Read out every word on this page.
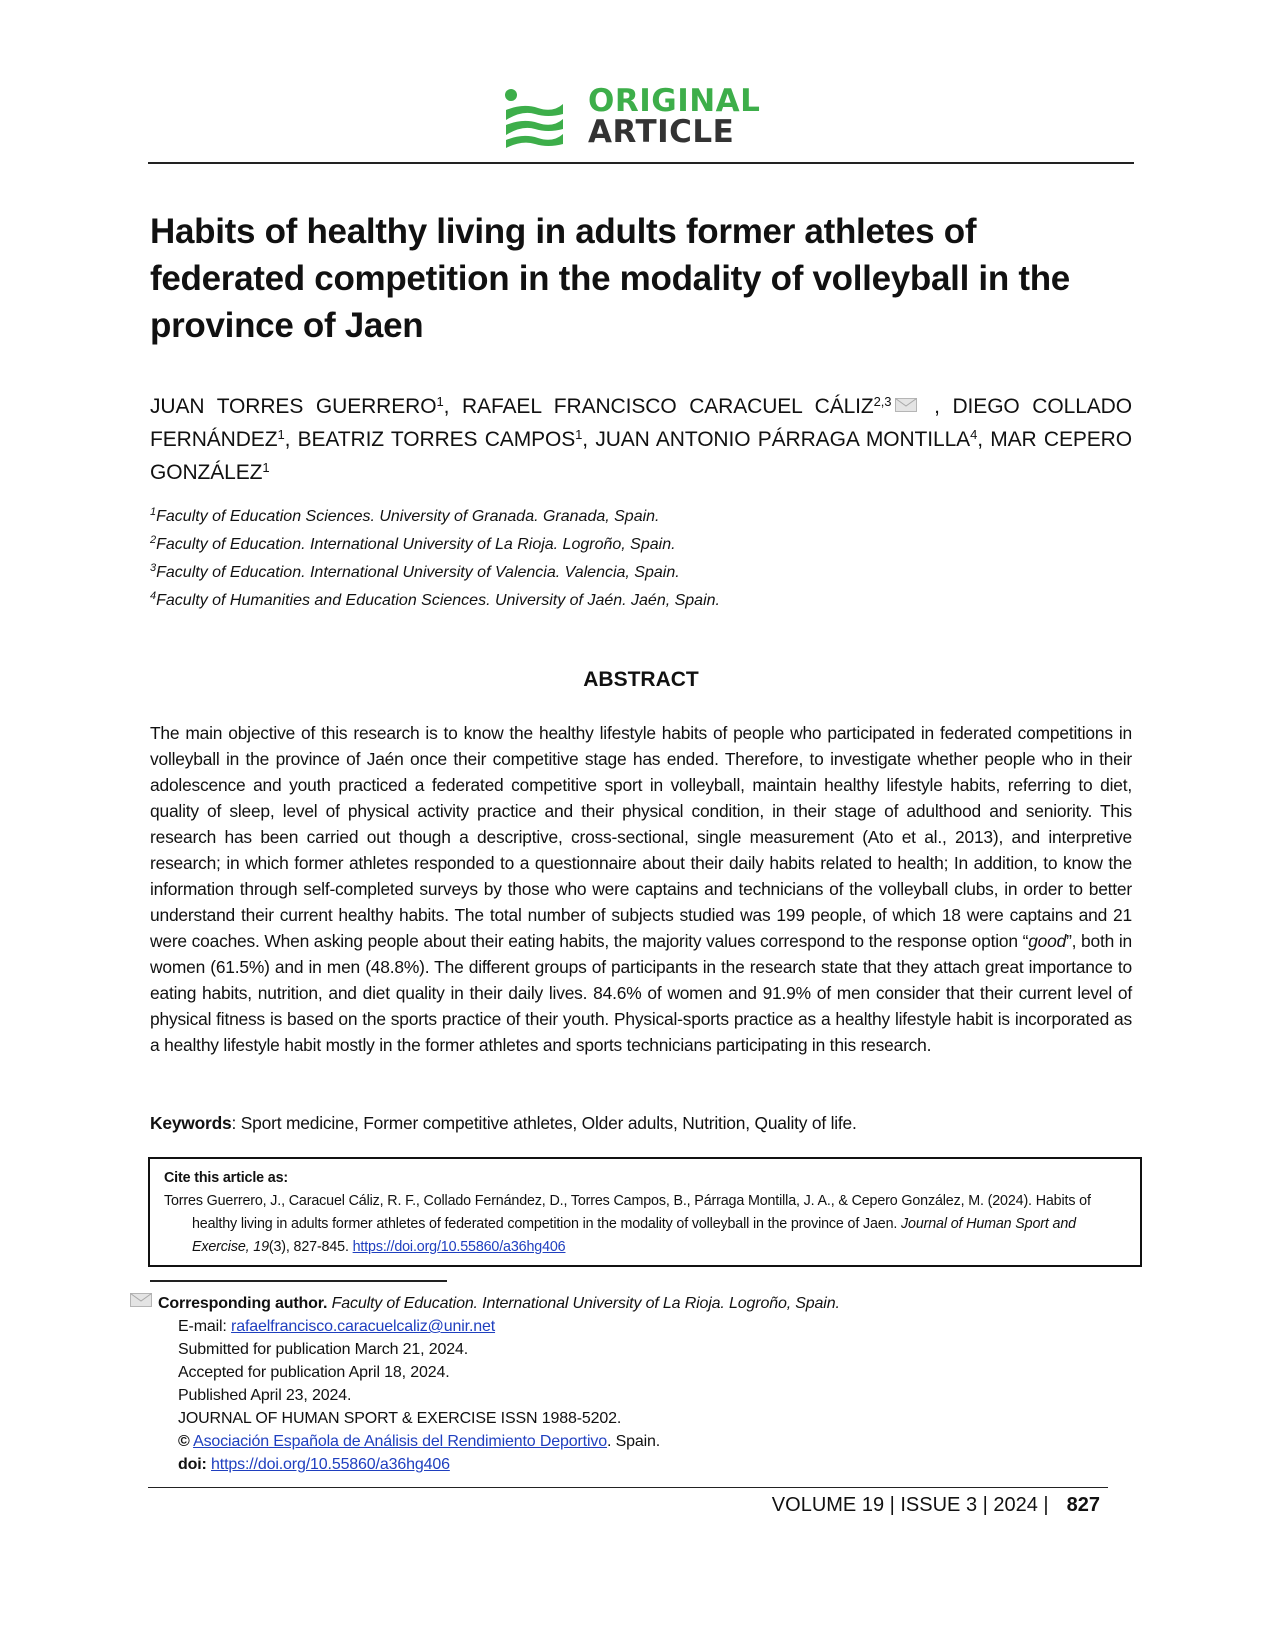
ORIGINAL
ARTICLE
Habits of healthy living in adults former athletes of federated competition in the modality of volleyball in the province of Jaen
JUAN TORRES GUERRERO$^1$, RAFAEL FRANCISCO CARACUEL CÁLIZ$^{2,3}$ , DIEGO COLLADO FERNÁNDEZ$^1$, BEATRIZ TORRES CAMPOS$^1$, JUAN ANTONIO PÁRRAGA MONTILLA$^4$, MAR CEPERO GONZÁLEZ$^1$
$^1$Faculty of Education Sciences. University of Granada. Granada, Spain.
$^2$Faculty of Education. International University of La Rioja. Logroño, Spain.
$^3$Faculty of Education. International University of Valencia. Valencia, Spain.
$^4$Faculty of Humanities and Education Sciences. University of Jaén. Jaén, Spain.
ABSTRACT

The main objective of this research is to know the healthy lifestyle habits of people who participated in federated competitions in volleyball in the province of Jaén once their competitive stage has ended. Therefore, to investigate whether people who in their adolescence and youth practiced a federated competitive sport in volleyball, maintain healthy lifestyle habits, referring to diet, quality of sleep, level of physical activity practice and their physical condition, in their stage of adulthood and seniority. This research has been carried out though a descriptive, cross-sectional, single measurement (Ato et al., 2013), and interpretive research; in which former athletes responded to a questionnaire about their daily habits related to health; In addition, to know the information through self-completed surveys by those who were captains and technicians of the volleyball clubs, in order to better understand their current healthy habits. The total number of subjects studied was 199 people, of which 18 were captains and 21 were coaches. When asking people about their eating habits, the majority values correspond to the response option “good”, both in women (61.5%) and in men (48.8%). The different groups of participants in the research state that they attach great importance to eating habits, nutrition, and diet quality in their daily lives. 84.6% of women and 91.9% of men consider that their current level of physical fitness is based on the sports practice of their youth. Physical-sports practice as a healthy lifestyle habit is incorporated as a healthy lifestyle habit mostly in the former athletes and sports technicians participating in this research.

Keywords: Sport medicine, Former competitive athletes, Older adults, Nutrition, Quality of life.
Cite this article as:
Torres Guerrero, J., Caracuel Cáliz, R. F., Collado Fernández, D., Torres Campos, B., Párraga Montilla, J. A., & Cepero González, M. (2024). Habits of healthy living in adults former athletes of federated competition in the modality of volleyball in the province of Jaen. Journal of Human Sport and Exercise, 19(3), 827-845. https://doi.org/10.55860/a36hg406
Corresponding author. Faculty of Education. International University of La Rioja. Logroño, Spain.
E-mail: rafaelfrancisco.caracuelcaliz@unir.net
Submitted for publication March 21, 2024.
Accepted for publication April 18, 2024.
Published April 23, 2024.
JOURNAL OF HUMAN SPORT & EXERCISE ISSN 1988-5202.
© Asociación Española de Análisis del Rendimiento Deportivo. Spain.
doi: https://doi.org/10.55860/a36hg406
VOLUME 19 | ISSUE 3 | 2024 | 827
